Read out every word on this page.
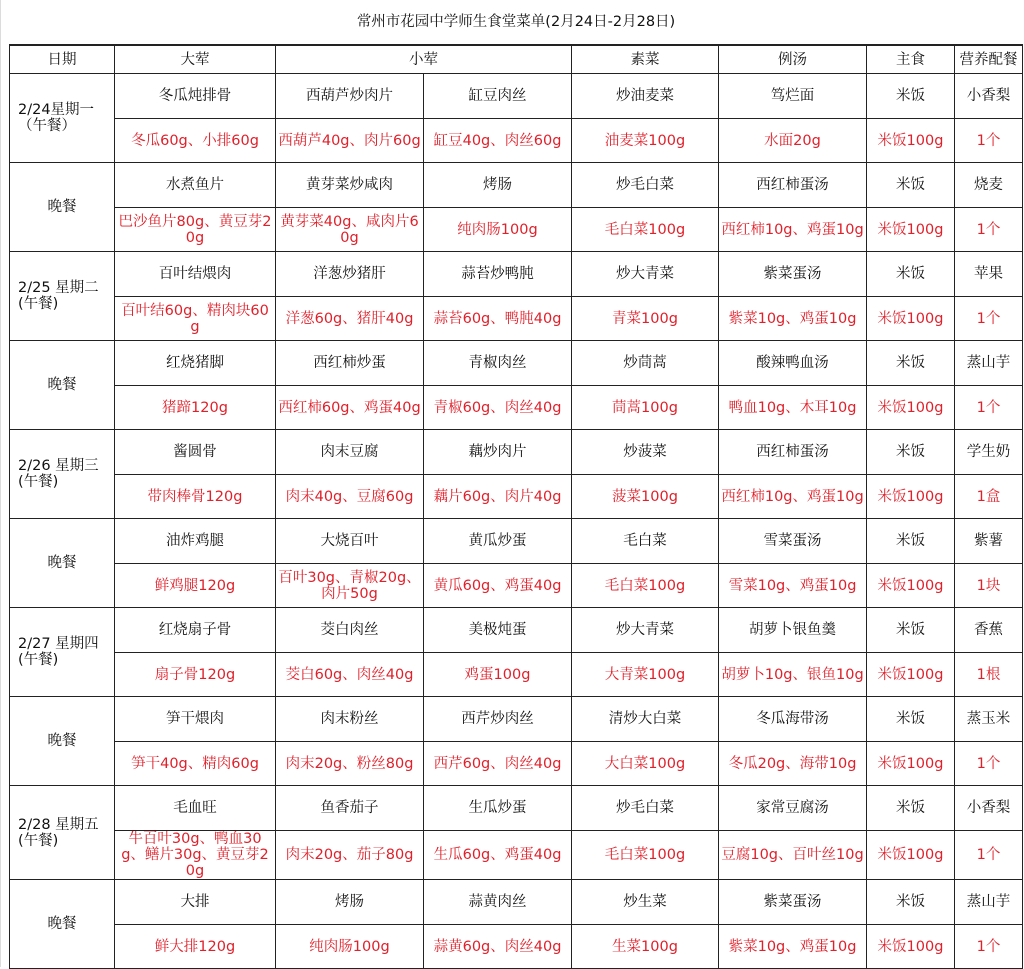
常州市花园中学师生食堂菜单(2月24日-2月28日)							
日期	大荤	小荤		素菜	例汤	主食	营养配餐
2/24星期一（午餐）	冬瓜炖排骨	西葫芦炒肉片	缸豆肉丝	炒油麦菜	笃烂面	米饭	小香梨
	冬瓜60g、小排60g	西葫芦40g、肉片60g	缸豆40g、肉丝60g	油麦菜100g	水面20g	米饭100g	1个
晚餐	水煮鱼片	黄芽菜炒咸肉	烤肠	炒毛白菜	西红柿蛋汤	米饭	烧麦
	巴沙鱼片80g、黄豆芽20g	黄芽菜40g、咸肉片60g	纯肉肠100g	毛白菜100g	西红柿10g、鸡蛋10g	米饭100g	1个
2/25 星期二(午餐)	百叶结煨肉	洋葱炒猪肝	蒜苔炒鸭肫	炒大青菜	紫菜蛋汤	米饭	苹果
	百叶结60g、精肉块60g	洋葱60g、猪肝40g	蒜苔60g、鸭肫40g	青菜100g	紫菜10g、鸡蛋10g	米饭100g	1个
晚餐	红烧猪脚	西红柿炒蛋	青椒肉丝	炒茼蒿	酸辣鸭血汤	米饭	蒸山芋
	猪蹄120g	西红柿60g、鸡蛋40g	青椒60g、肉丝40g	茼蒿100g	鸭血10g、木耳10g	米饭100g	1个
2/26 星期三(午餐)	酱圆骨	肉末豆腐	藕炒肉片	炒菠菜	西红柿蛋汤	米饭	学生奶
	带肉棒骨120g	肉末40g、豆腐60g	藕片60g、肉片40g	菠菜100g	西红柿10g、鸡蛋10g	米饭100g	1盒
晚餐	油炸鸡腿	大烧百叶	黄瓜炒蛋	毛白菜	雪菜蛋汤	米饭	紫薯
	鲜鸡腿120g	百叶30g、青椒20g、肉片50g	黄瓜60g、鸡蛋40g	毛白菜100g	雪菜10g、鸡蛋10g	米饭100g	1块
2/27 星期四(午餐)	红烧扇子骨	茭白肉丝	美极炖蛋	炒大青菜	胡萝卜银鱼羹	米饭	香蕉
	扇子骨120g	茭白60g、肉丝40g	鸡蛋100g	大青菜100g	胡萝卜10g、银鱼10g	米饭100g	1根
晚餐	笋干煨肉	肉末粉丝	西芹炒肉丝	清炒大白菜	冬瓜海带汤	米饭	蒸玉米
	笋干40g、精肉60g	肉末20g、粉丝80g	西芹60g、肉丝40g	大白菜100g	冬瓜20g、海带10g	米饭100g	1个
2/28 星期五(午餐)	毛血旺	鱼香茄子	生瓜炒蛋	炒毛白菜	家常豆腐汤	米饭	小香梨
	牛百叶30g、鸭血30g、鳝片30g、黄豆芽20g	肉末20g、茄子80g	生瓜60g、鸡蛋40g	毛白菜100g	豆腐10g、百叶丝10g	米饭100g	1个
晚餐	大排	烤肠	蒜黄肉丝	炒生菜	紫菜蛋汤	米饭	蒸山芋
	鲜大排120g	纯肉肠100g	蒜黄60g、肉丝40g	生菜100g	紫菜10g、鸡蛋10g	米饭100g	1个
